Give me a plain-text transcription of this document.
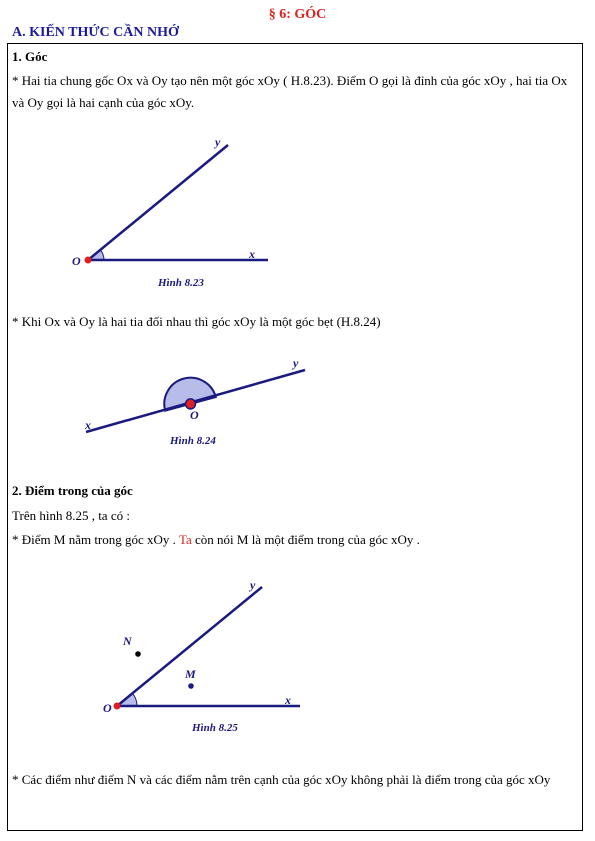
§ 6: GÓC
A. KIẾN THỨC CẦN NHỚ
1. Góc
* Hai tia chung gốc Ox và Oy tạo nên một góc xOy ( H.8.23). Điểm O gọi là đỉnh của góc xOy , hai tia Ox và Oy gọi là hai cạnh của góc xOy.
* Khi Ox và Oy là hai tia đối nhau thì góc xOy là một góc bẹt (H.8.24)
2. Điểm trong của góc
Trên hình 8.25 , ta có :
* Điểm M nằm trong góc xOy . Ta còn nói M là một điểm trong của góc xOy .
* Các điểm như điểm N và các điểm nằm trên cạnh của góc xOy không phải là điểm trong của góc xOy
O	x
y
Hình 8.23
O
x
y
Hình 8.24
O
x
y
M
N
Hình 8.25
